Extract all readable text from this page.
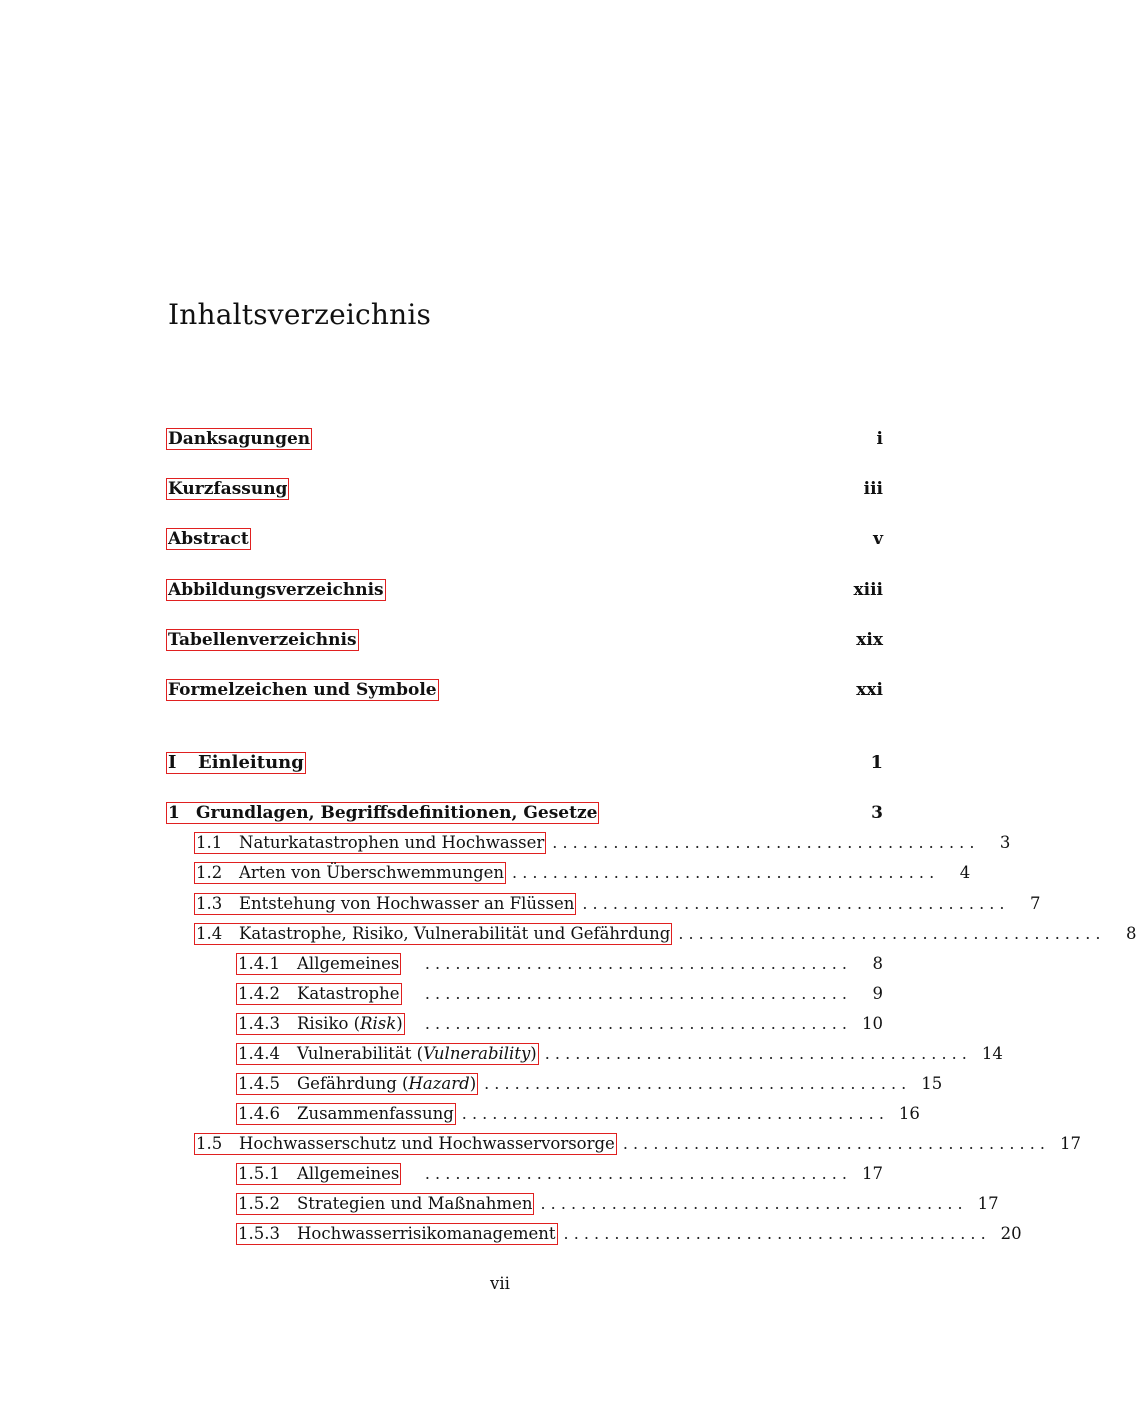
Inhaltsverzeichnis
Danksagungen	i
Kurzfassung	iii
Abstract	v
Abbildungsverzeichnis	xiii
Tabellenverzeichnis	xix
Formelzeichen und Symbole	xxi
I	Einleitung	1
1 Grundlagen, Begriffsdefinitionen, Gesetze	3
1.1	Naturkatastrophen und Hochwasser . . . . . . . . . . . . . . . . . . . . . . . . . . . . . . . . . . . . . . . . . .	3
1.2	Arten von Überschwemmungen . . . . . . . . . . . . . . . . . . . . . . . . . . . . . . . . . . . . . . . . . .	4
1.3	Entstehung von Hochwasser an Flüssen . . . . . . . . . . . . . . . . . . . . . . . . . . . . . . . . . . . . . . . . . .	7
1.4	Katastrophe, Risiko, Vulnerabilität und Gefährdung . . . . . . . . . . . . . . . . . . . . . . . . . . . . . . . . . . . . . . . . . .	8
1.4.1	Allgemeines	. . . . . . . . . . . . . . . . . . . . . . . . . . . . . . . . . . . . . . . . . .	8
1.4.2	Katastrophe	. . . . . . . . . . . . . . . . . . . . . . . . . . . . . . . . . . . . . . . . . .	9
1.4.3	Risiko ( Risk )	. . . . . . . . . . . . . . . . . . . . . . . . . . . . . . . . . . . . . . . . . . 10
1.4.4	Vulnerabilität ( Vulnerability ) . . . . . . . . . . . . . . . . . . . . . . . . . . . . . . . . . . . . . . . . . . 14
1.4.5	Gefährdung ( Hazard ) . . . . . . . . . . . . . . . . . . . . . . . . . . . . . . . . . . . . . . . . . . 15
1.4.6	Zusammenfassung . . . . . . . . . . . . . . . . . . . . . . . . . . . . . . . . . . . . . . . . . . 16
1.5	Hochwasserschutz und Hochwasservorsorge . . . . . . . . . . . . . . . . . . . . . . . . . . . . . . . . . . . . . . . . . . 17
1.5.1	Allgemeines	. . . . . . . . . . . . . . . . . . . . . . . . . . . . . . . . . . . . . . . . . . 17
1.5.2	Strategien und Maßnahmen . . . . . . . . . . . . . . . . . . . . . . . . . . . . . . . . . . . . . . . . . . 17
1.5.3	Hochwasserrisikomanagement . . . . . . . . . . . . . . . . . . . . . . . . . . . . . . . . . . . . . . . . . . 20
vii
